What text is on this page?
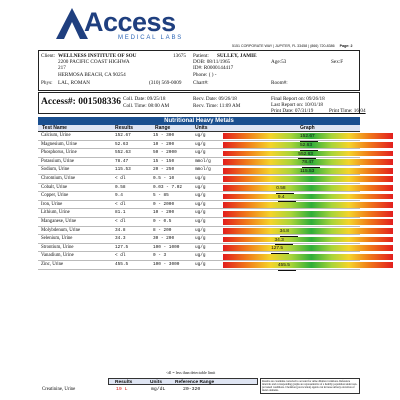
Access
MEDICAL LABS
5151 CORPORATE WAY | JUPITER, FL 33458 | (866) 720-8386 Page: 2
Client: WELLNESS INSTITUTE OF SOU	13675
2200 PACIFIC COAST HIGHWA
217
HERMOSA BEACH, CA 90254
Phys: LAL, ROMAN	(310) 569-0009
Patient: SULLEY, JAMIE
DOB: 08/11/1965	Age:53	Sex:F
ID#: R0000144417
Phone: ( ) -
Chart#:	Room#:
Coll. Date: 09/25/18
Coll. Time: 08:00 AM
Recv. Date: 09/26/18
Recv. Time: 11:09 AM
Final Report on: 09/26/18
Last Report on: 10/01/18
Print Date: 07/31/19	Print Time: 16:04
Access#: 001508336
Nutritional Heavy Metals
Test Name	Results	Range	Units	Graph
Calcium, Urine	152.67	15 - 300	ug/g	152.67
Magnesium, Urine	52.63	10 - 200	ug/g	52.63
Phosphorus, Urine	552.63	50 - 2000	ug/g	552.63
Potassium, Urine	78.47	15 - 150	mmol/g	78.47
Sodium, Urine	115.53	20 - 250	mmol/g	115.53
Chromium, Urine	< dl	0.5 - 10	ug/g
Cobalt, Urine	0.58	0.03 - 7.02	ug/g	0.58
Copper, Urine	9.4	5 - 85	ug/g	9.4
Iron, Urine	< dl	0 - 2000	ug/g
Lithium, Urine	81.1	10 - 200	ug/g
Manganese, Urine	< dl	0 - 0.5	ug/g
Molybdenum, Urine	34.8	8 - 200	ug/g	34.8
Selenium, Urine	34.3	30 - 200	ug/g	34.3
Strontium, Urine	127.5	100 - 1000	ug/g	127.5
Vanadium, Urine	< dl	0 - 3	ug/g
Zinc, Urine	455.5	100 - 3000	ug/g	455.5
<dl = less than detectable limit
Results	Units	Reference Range
Creatinine, Urine	19 L	mg/dL	20-320
Results are creatinine corrected to account for urine dilution variations. Reference intervals and corresponding graphs are representative of a healthy population under non-provoked conditions. Chelation (provocation) agents can increase urinary excretion of metal elements.
